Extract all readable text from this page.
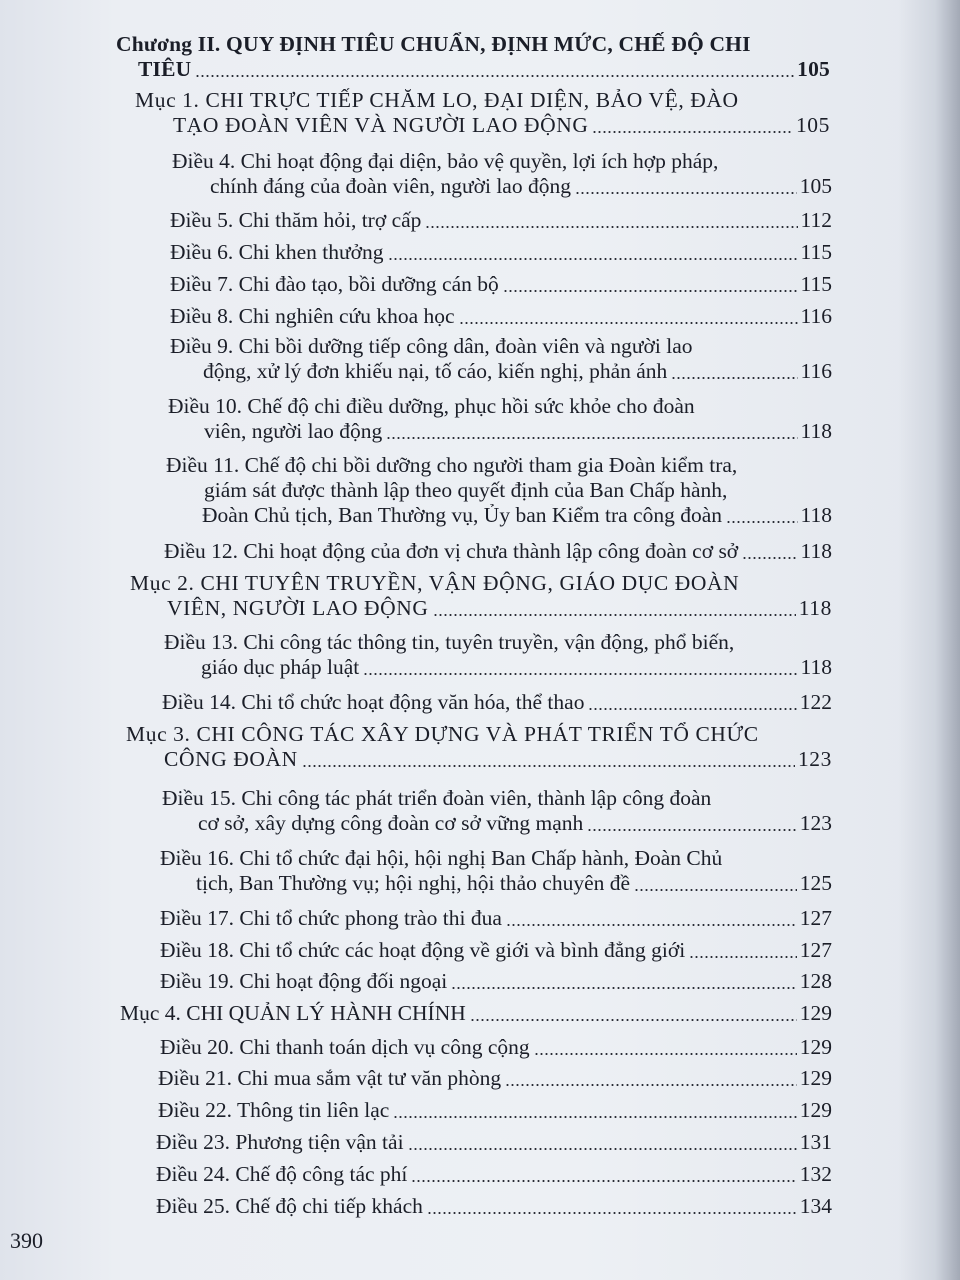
Chương II. QUY ĐỊNH TIÊU CHUẨN, ĐỊNH MỨC, CHẾ ĐỘ CHI
TIÊU	105
Mục 1. CHI TRỰC TIẾP CHĂM LO, ĐẠI DIỆN, BẢO VỆ, ĐÀO
TẠO ĐOÀN VIÊN VÀ NGƯỜI LAO ĐỘNG	105
Điều 4. Chi hoạt động đại diện, bảo vệ quyền, lợi ích hợp pháp,
chính đáng của đoàn viên, người lao động	105
Điều 5. Chi thăm hỏi, trợ cấp	112
Điều 6. Chi khen thưởng	115
Điều 7. Chi đào tạo, bồi dưỡng cán bộ	115
Điều 8. Chi nghiên cứu khoa học	116
Điều 9. Chi bồi dưỡng tiếp công dân, đoàn viên và người lao
động, xử lý đơn khiếu nại, tố cáo, kiến nghị, phản ánh	116
Điều 10. Chế độ chi điều dưỡng, phục hồi sức khỏe cho đoàn
viên, người lao động	118
Điều 11. Chế độ chi bồi dưỡng cho người tham gia Đoàn kiểm tra,
giám sát được thành lập theo quyết định của Ban Chấp hành,
Đoàn Chủ tịch, Ban Thường vụ, Ủy ban Kiểm tra công đoàn	118
Điều 12. Chi hoạt động của đơn vị chưa thành lập công đoàn cơ sở	118
Mục 2. CHI TUYÊN TRUYỀN, VẬN ĐỘNG, GIÁO DỤC ĐOÀN
VIÊN, NGƯỜI LAO ĐỘNG	118
Điều 13. Chi công tác thông tin, tuyên truyền, vận động, phổ biến,
giáo dục pháp luật	118
Điều 14. Chi tổ chức hoạt động văn hóa, thể thao	122
Mục 3. CHI CÔNG TÁC XÂY DỰNG VÀ PHÁT TRIỂN TỔ CHỨC
CÔNG ĐOÀN	123
Điều 15. Chi công tác phát triển đoàn viên, thành lập công đoàn
cơ sở, xây dựng công đoàn cơ sở vững mạnh	123
Điều 16. Chi tổ chức đại hội, hội nghị Ban Chấp hành, Đoàn Chủ
tịch, Ban Thường vụ; hội nghị, hội thảo chuyên đề	125
Điều 17. Chi tổ chức phong trào thi đua	127
Điều 18. Chi tổ chức các hoạt động về giới và bình đẳng giới	127
Điều 19. Chi hoạt động đối ngoại	128
Mục 4. CHI QUẢN LÝ HÀNH CHÍNH	129
Điều 20. Chi thanh toán dịch vụ công cộng	129
Điều 21. Chi mua sắm vật tư văn phòng	129
Điều 22. Thông tin liên lạc	129
Điều 23. Phương tiện vận tải	131
Điều 24. Chế độ công tác phí	132
Điều 25. Chế độ chi tiếp khách	134
390
